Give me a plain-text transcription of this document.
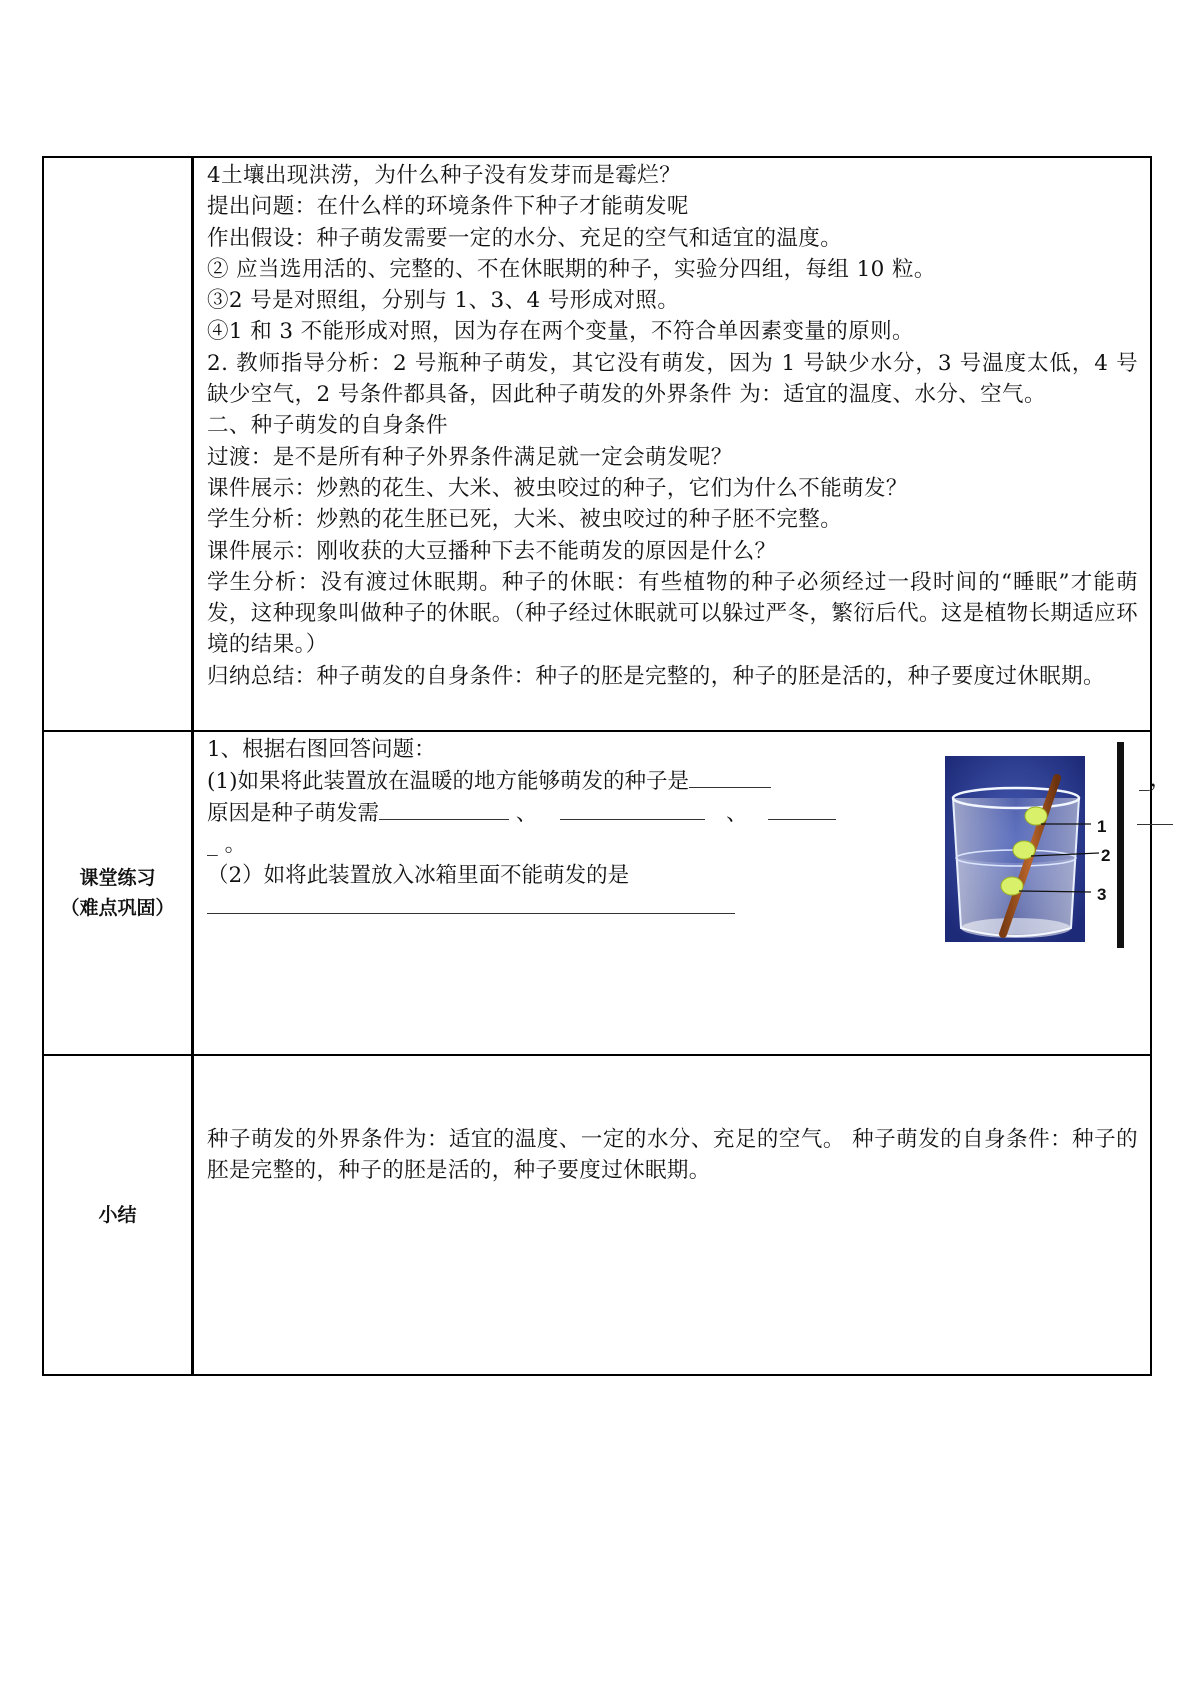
4土壤出现洪涝，为什么种子没有发芽而是霉烂？

提出问题：在什么样的环境条件下种子才能萌发呢

作出假设：种子萌发需要一定的水分、充足的空气和适宜的温度。

② 应当选用活的、完整的、不在休眠期的种子，实验分四组，每组 10 粒。

③2 号是对照组，分别与 1、3、4 号形成对照。

④1 和 3 不能形成对照，因为存在两个变量，不符合单因素变量的原则。

2. 教师指导分析：2 号瓶种子萌发，其它没有萌发，因为 1 号缺少水分，3 号温度太低，4 号缺少空气，2 号条件都具备，因此种子萌发的外界条件 为：适宜的温度、水分、空气。

二、种子萌发的自身条件

过渡：是不是所有种子外界条件满足就一定会萌发呢？

课件展示：炒熟的花生、大米、被虫咬过的种子，它们为什么不能萌发？

学生分析：炒熟的花生胚已死，大米、被虫咬过的种子胚不完整。

课件展示：刚收获的大豆播种下去不能萌发的原因是什么？

学生分析：没有渡过休眠期。种子的休眠：有些植物的种子必须经过一段时间的“睡眠”才能萌发，这种现象叫做种子的休眠。（种子经过休眠就可以躲过严冬，繁衍后代。这是植物长期适应环境的结果。）

归纳总结：种子萌发的自身条件：种子的胚是完整的，种子的胚是活的，种子要度过休眠期。

课堂练习
（难点巩固）

1、根据右图回答问题：

(1)如果将此装置放在温暖的地方能够萌发的种子是

原因是种子萌发需	、	、

_ 。

（2）如将此装置放入冰箱里面不能萌发的是

_，
1
2
3
小结

种子萌发的外界条件为：适宜的温度、一定的水分、充足的空气。 种子萌发的自身条件：种子的胚是完整的，种子的胚是活的，种子要度过休眠期。
